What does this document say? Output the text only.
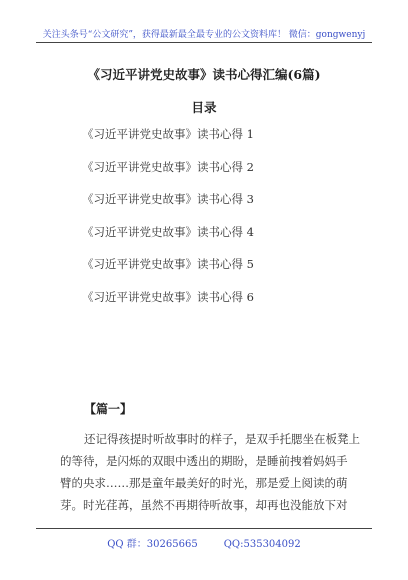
关注头条号“公文研究”，获得最新最全最专业的公文资料库！ 微信：gongwenyj
《习近平讲党史故事》读书心得汇编(6篇)
目录
《习近平讲党史故事》读书心得 1
《习近平讲党史故事》读书心得 2
《习近平讲党史故事》读书心得 3
《习近平讲党史故事》读书心得 4
《习近平讲党史故事》读书心得 5
《习近平讲党史故事》读书心得 6
【篇一】

还记得孩提时听故事时的样子，是双手托腮坐在板凳上
的等待，是闪烁的双眼中透出的期盼，是睡前拽着妈妈手
臂的央求……那是童年最美好的时光，那是爱上阅读的萌
芽。时光荏苒，虽然不再期待听故事，却再也没能放下对

QQ 群：30265665	QQ:535304092
